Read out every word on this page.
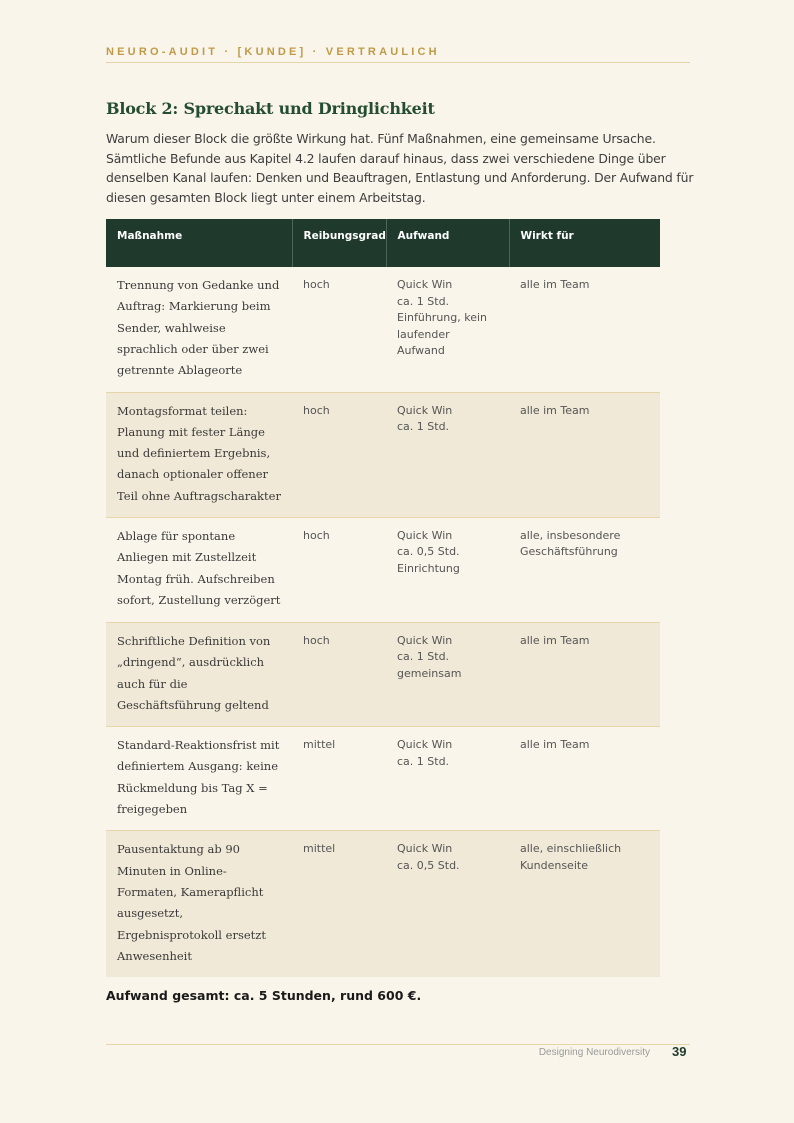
NEURO-AUDIT · [KUNDE] · VERTRAULICH
Block 2: Sprechakt und Dringlichkeit

Warum dieser Block die größte Wirkung hat. Fünf Maßnahmen, eine gemeinsame Ursache. Sämtliche Befunde aus Kapitel 4.2 laufen darauf hinaus, dass zwei verschiedene Dinge über denselben Kanal laufen: Denken und Beauftragen, Entlastung und Anforderung. Der Aufwand für diesen gesamten Block liegt unter einem Arbeitstag.

Maßnahme	Reibungsgrad	Aufwand	Wirkt für
Trennung von Gedanke und Auftrag: Markierung beim Sender, wahlweise sprachlich oder über zwei getrennte Ablageorte	hoch	Quick Win
ca. 1 Std.
Einführung, kein laufender Aufwand	alle im Team
Montagsformat teilen: Planung mit fester Länge und definiertem Ergebnis, danach optionaler offener Teil ohne Auftragscharakter	hoch	Quick Win
ca. 1 Std.	alle im Team
Ablage für spontane Anliegen mit Zustellzeit Montag früh. Aufschreiben sofort, Zustellung verzögert	hoch	Quick Win
ca. 0,5 Std.
Einrichtung	alle, insbesondere Geschäftsführung
Schriftliche Definition von „dringend“, ausdrücklich auch für die Geschäftsführung geltend	hoch	Quick Win
ca. 1 Std.
gemeinsam	alle im Team
Standard-Reaktionsfrist mit definiertem Ausgang: keine Rückmeldung bis Tag X = freigegeben	mittel	Quick Win
ca. 1 Std.	alle im Team
Pausentaktung ab 90 Minuten in Online-Formaten, Kamerapflicht ausgesetzt, Ergebnisprotokoll ersetzt Anwesenheit	mittel	Quick Win
ca. 0,5 Std.	alle, einschließlich Kundenseite
Aufwand gesamt: ca. 5 Stunden, rund 600 €.
Designing Neurodiversity 39
